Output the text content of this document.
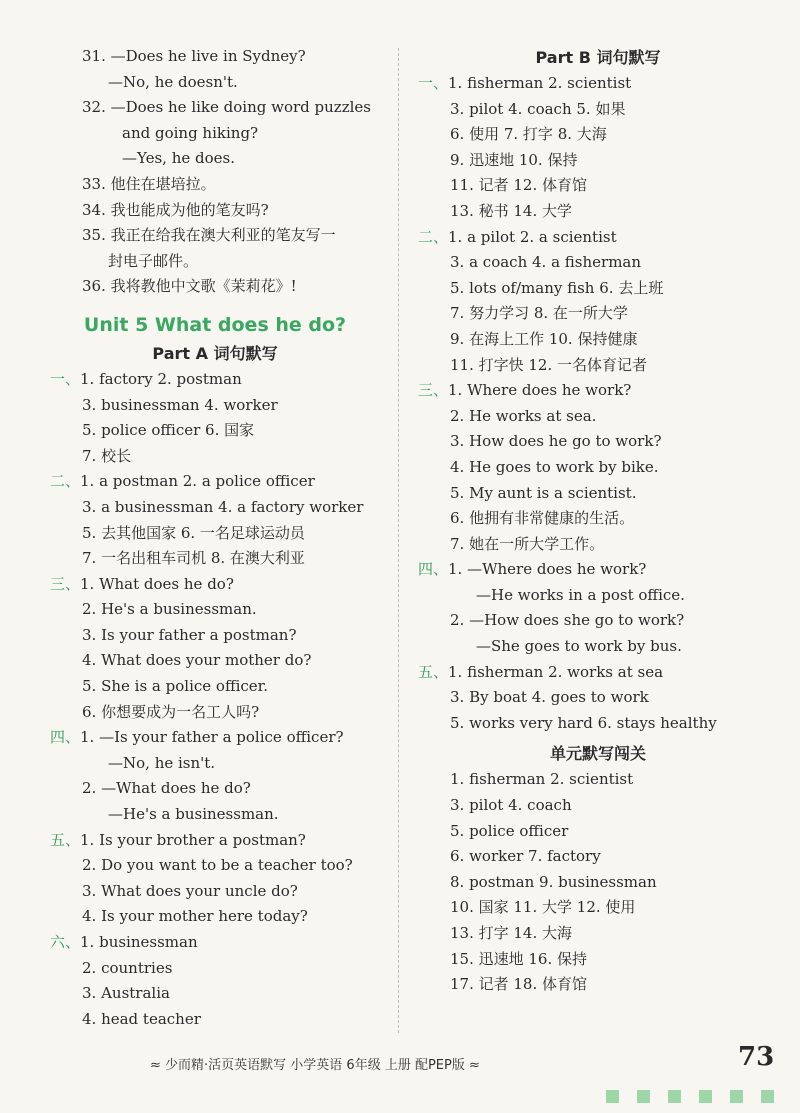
31. —Does he live in Sydney?
—No, he doesn't.
32. —Does he like doing word puzzles
and going hiking?
—Yes, he does.
33. 他住在堪培拉。
34. 我也能成为他的笔友吗?
35. 我正在给我在澳大利亚的笔友写一
封电子邮件。
36. 我将教他中文歌《茉莉花》!
Unit 5 What does he do?
Part A 词句默写
一、1. factory 2. postman
3. businessman 4. worker
5. police officer 6. 国家
7. 校长
二、1. a postman 2. a police officer
3. a businessman 4. a factory worker
5. 去其他国家 6. 一名足球运动员
7. 一名出租车司机 8. 在澳大利亚
三、1. What does he do?
2. He's a businessman.
3. Is your father a postman?
4. What does your mother do?
5. She is a police officer.
6. 你想要成为一名工人吗?
四、1. —Is your father a police officer?
—No, he isn't.
2. —What does he do?
—He's a businessman.
五、1. Is your brother a postman?
2. Do you want to be a teacher too?
3. What does your uncle do?
4. Is your mother here today?
六、1. businessman
2. countries
3. Australia
4. head teacher
Part B 词句默写
一、1. fisherman 2. scientist
3. pilot 4. coach 5. 如果
6. 使用 7. 打字 8. 大海
9. 迅速地 10. 保持
11. 记者 12. 体育馆
13. 秘书 14. 大学
二、1. a pilot 2. a scientist
3. a coach 4. a fisherman
5. lots of/many fish 6. 去上班
7. 努力学习 8. 在一所大学
9. 在海上工作 10. 保持健康
11. 打字快 12. 一名体育记者
三、1. Where does he work?
2. He works at sea.
3. How does he go to work?
4. He goes to work by bike.
5. My aunt is a scientist.
6. 他拥有非常健康的生活。
7. 她在一所大学工作。
四、1. —Where does he work?
—He works in a post office.
2. —How does she go to work?
—She goes to work by bus.
五、1. fisherman 2. works at sea
3. By boat 4. goes to work
5. works very hard 6. stays healthy
单元默写闯关
1. fisherman 2. scientist
3. pilot 4. coach
5. police officer
6. worker 7. factory
8. postman 9. businessman
10. 国家 11. 大学 12. 使用
13. 打字 14. 大海
15. 迅速地 16. 保持
17. 记者 18. 体育馆
≈ 少而精·活页英语默写 小学英语 6年级 上册 配PEP版 ≈	73
